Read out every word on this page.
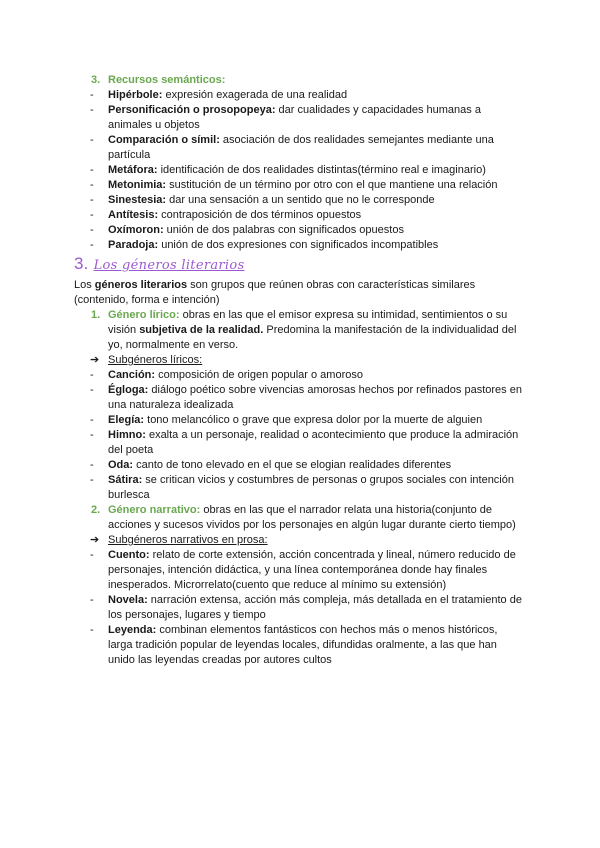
3. Recursos semánticos:
- Hipérbole: expresión exagerada de una realidad
- Personificación o prosopopeya: dar cualidades y capacidades humanas a
animales u objetos
- Comparación o símil: asociación de dos realidades semejantes mediante una
partícula
- Metáfora: identificación de dos realidades distintas(término real e imaginario)
- Metonimia: sustitución de un término por otro con el que mantiene una relación
- Sinestesia: dar una sensación a un sentido que no le corresponde
- Antítesis: contraposición de dos términos opuestos
- Oxímoron: unión de dos palabras con significados opuestos
- Paradoja: unión de dos expresiones con significados incompatibles
3. Los géneros literarios
Los géneros literarios son grupos que reúnen obras con características similares
(contenido, forma e intención)
1. Género lírico: obras en las que el emisor expresa su intimidad, sentimientos o su
visión subjetiva de la realidad. Predomina la manifestación de la individualidad del
yo, normalmente en verso.
➔ Subgéneros líricos:
- Canción: composición de origen popular o amoroso
- Égloga: diálogo poético sobre vivencias amorosas hechos por refinados pastores en
una naturaleza idealizada
- Elegía: tono melancólico o grave que expresa dolor por la muerte de alguien
- Himno: exalta a un personaje, realidad o acontecimiento que produce la admiración
del poeta
- Oda: canto de tono elevado en el que se elogian realidades diferentes
- Sátira: se critican vicios y costumbres de personas o grupos sociales con intención
burlesca
2. Género narrativo: obras en las que el narrador relata una historia(conjunto de
acciones y sucesos vividos por los personajes en algún lugar durante cierto tiempo)
➔ Subgéneros narrativos en prosa:
- Cuento: relato de corte extensión, acción concentrada y lineal, número reducido de
personajes, intención didáctica, y una línea contemporánea donde hay finales
inesperados. Microrrelato(cuento que reduce al mínimo su extensión)
- Novela: narración extensa, acción más compleja, más detallada en el tratamiento de
los personajes, lugares y tiempo
- Leyenda: combinan elementos fantásticos con hechos más o menos históricos,
larga tradición popular de leyendas locales, difundidas oralmente, a las que han
unido las leyendas creadas por autores cultos
